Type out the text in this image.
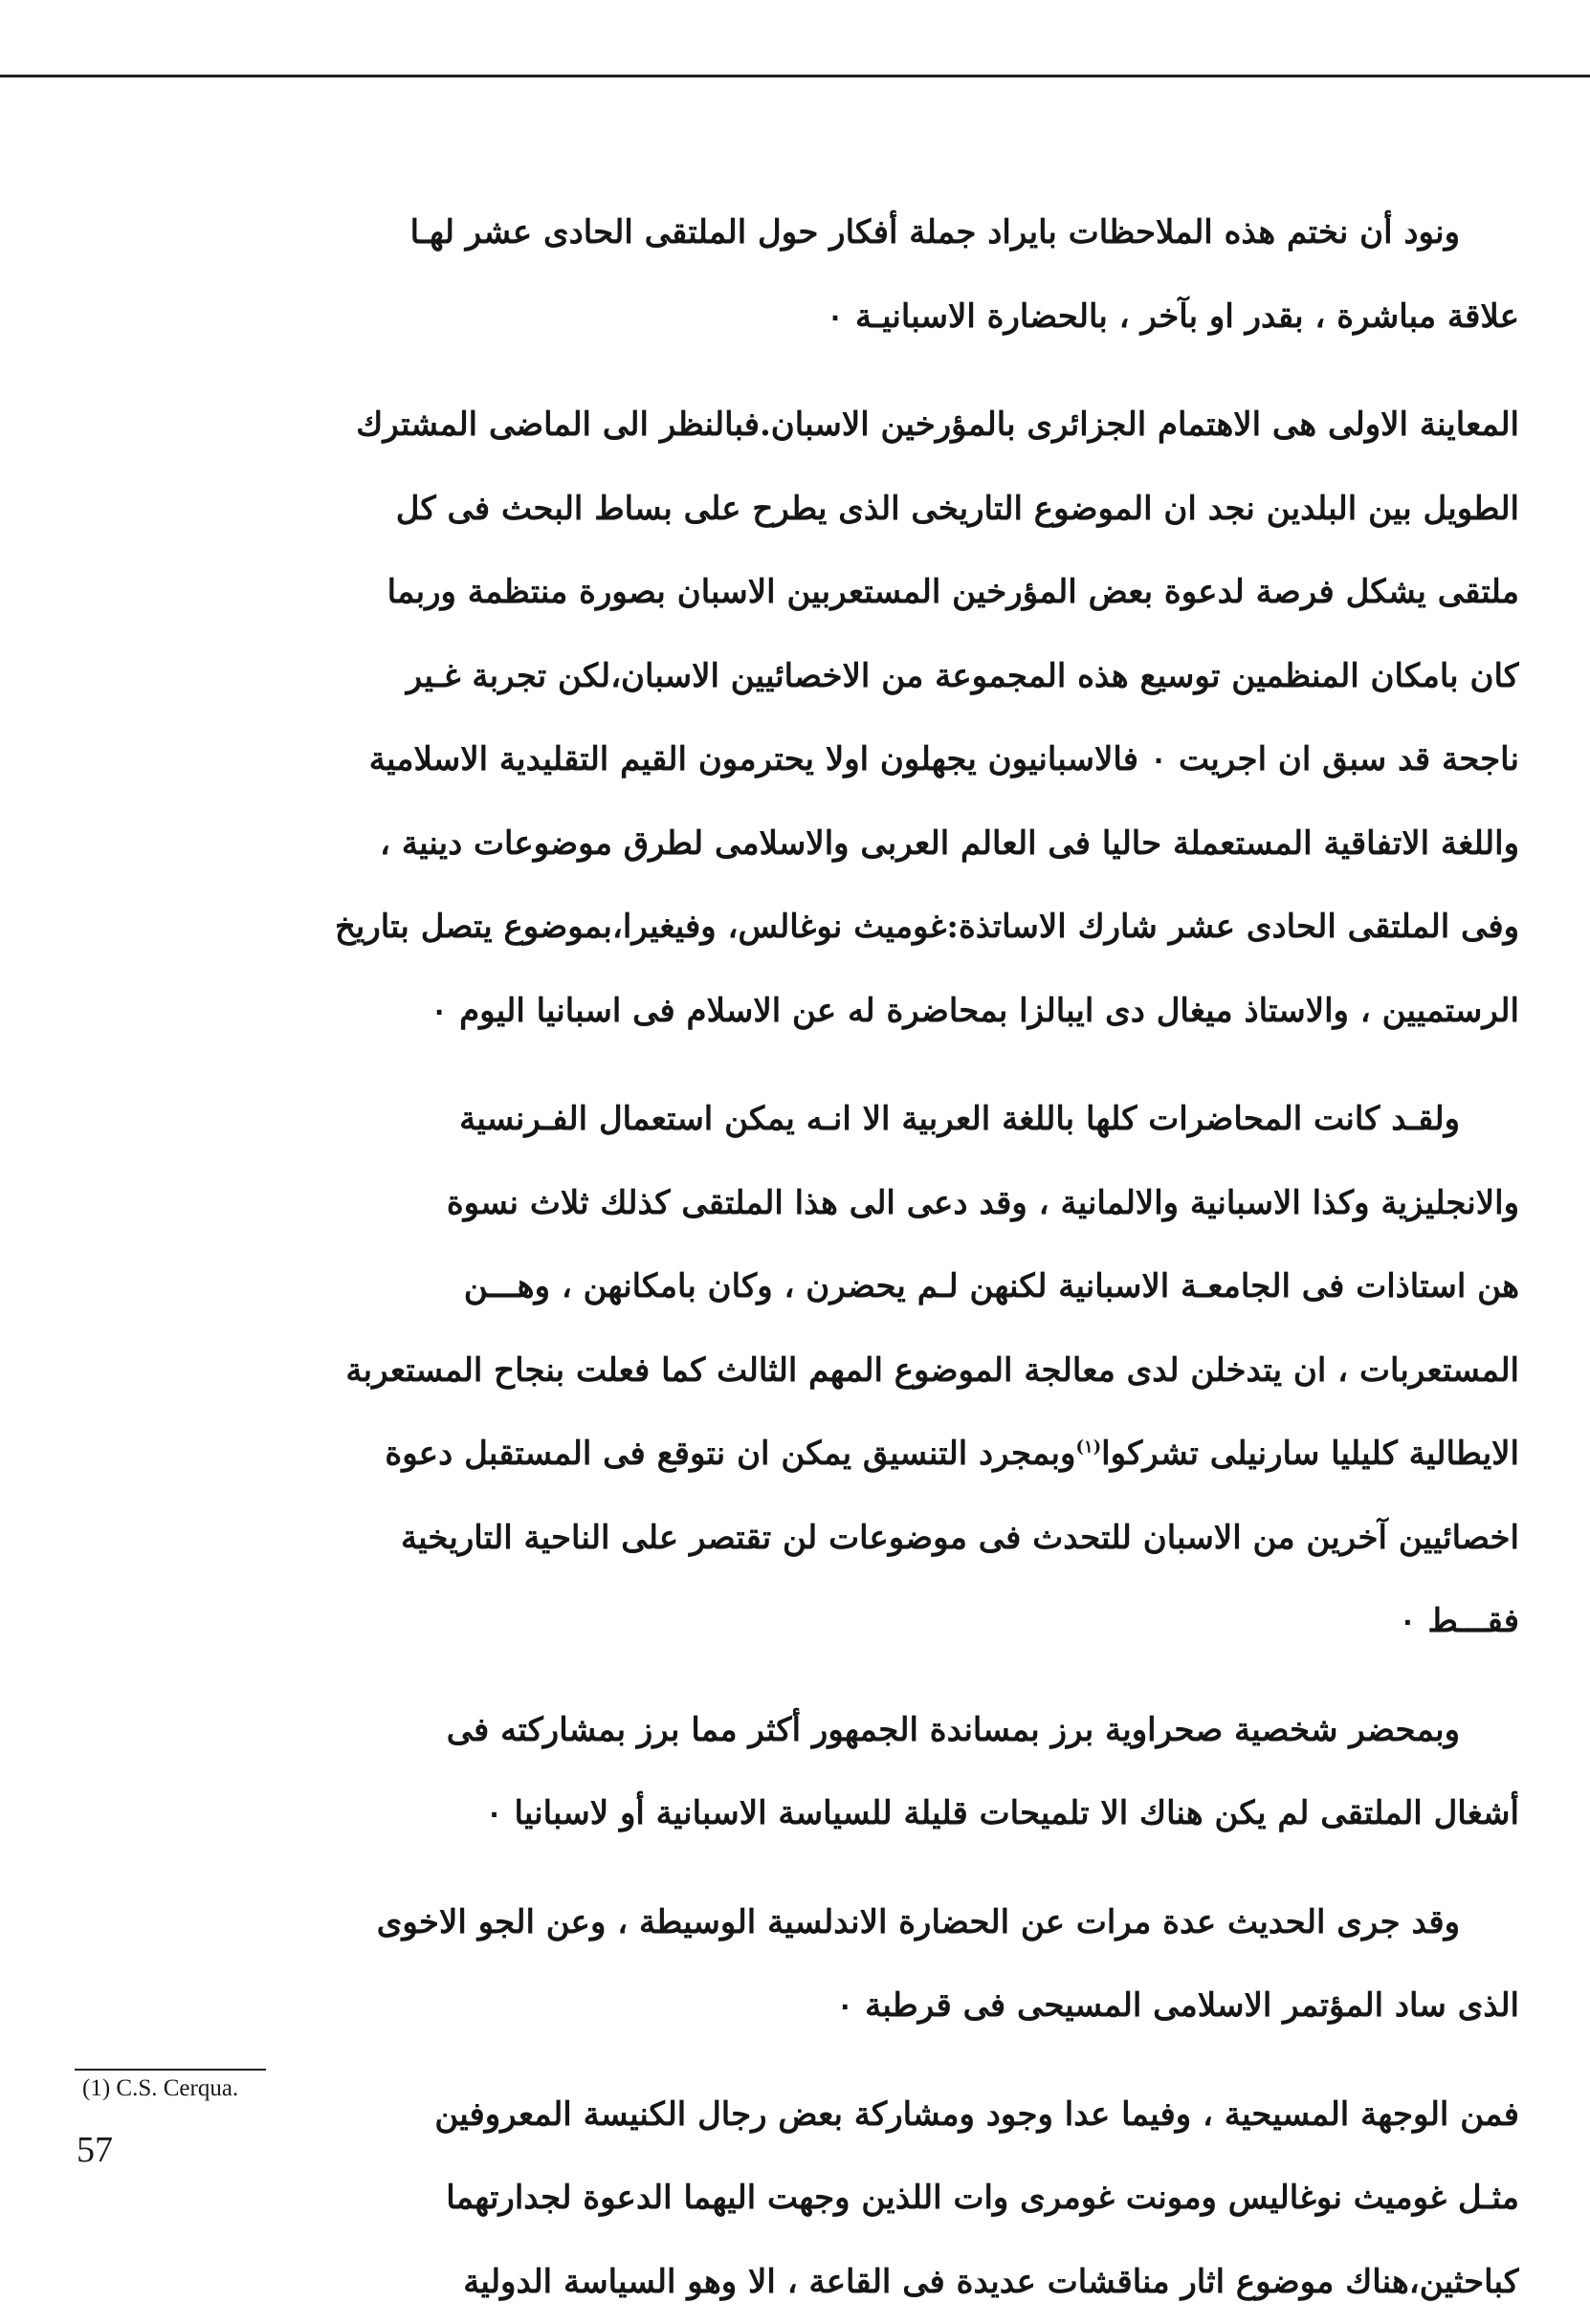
ونود أن نختم هذه الملاحظات بايراد جملة أفكار حول الملتقى الحادى عشر لهـا
علاقة مباشرة ، بقدر او بآخر ، بالحضارة الاسبانيـة ٠
المعاينة الاولى هى الاهتمام الجزائرى بالمؤرخين الاسبان.فبالنظر الى الماضى المشترك
الطويل بين البلدين نجد ان الموضوع التاريخى الذى يطرح على بساط البحث فى كل
ملتقى يشكل فرصة لدعوة بعض المؤرخين المستعربين الاسبان بصورة منتظمة وربما
كان بامكان المنظمين توسيع هذه المجموعة من الاخصائيين الاسبان،لكن تجربة غـير
ناجحة قد سبق ان اجريت ٠ فالاسبانيون يجهلون اولا يحترمون القيم التقليدية الاسلامية
واللغة الاتفاقية المستعملة حاليا فى العالم العربى والاسلامى لطرق موضوعات دينية ،
وفى الملتقى الحادى عشر شارك الاساتذة:غوميث نوغالس، وفيغيرا،بموضوع يتصل بتاريخ
الرستميين ، والاستاذ ميغال دى ايبالزا بمحاضرة له عن الاسلام فى اسبانيا اليوم ٠
ولقـد كانت المحاضرات كلها باللغة العربية الا انـه يمكن استعمال الفـرنسية
والانجليزية وكذا الاسبانية والالمانية ، وقد دعى الى هذا الملتقى كذلك ثلاث نسوة
هن استاذات فى الجامعـة الاسبانية لكنهن لـم يحضرن ، وكان بامكانهن ، وهـــن
المستعربات ، ان يتدخلن لدى معالجة الموضوع المهم الثالث كما فعلت بنجاح المستعربة
الايطالية كليليا سارنيلى تشركوا$^{(١)}$وبمجرد التنسيق يمكن ان نتوقع فى المستقبل دعوة
اخصائيين آخرين من الاسبان للتحدث فى موضوعات لن تقتصر على الناحية التاريخية
فقـــط ٠
وبمحضر شخصية صحراوية برز بمساندة الجمهور أكثر مما برز بمشاركته فى
أشغال الملتقى لم يكن هناك الا تلميحات قليلة للسياسة الاسبانية أو لاسبانيا ٠
وقد جرى الحديث عدة مرات عن الحضارة الاندلسية الوسيطة ، وعن الجو الاخوى
الذى ساد المؤتمر الاسلامى المسيحى فى قرطبة ٠
فمن الوجهة المسيحية ، وفيما عدا وجود ومشاركة بعض رجال الكنيسة المعروفين
مثـل غوميث نوغاليس ومونت غومرى وات اللذين وجهت اليهما الدعوة لجدارتهما
كباحثين،هناك موضوع اثار مناقشات عديدة فى القاعة ، الا وهو السياسة الدولية
(1) C.S. Cerqua.
57
